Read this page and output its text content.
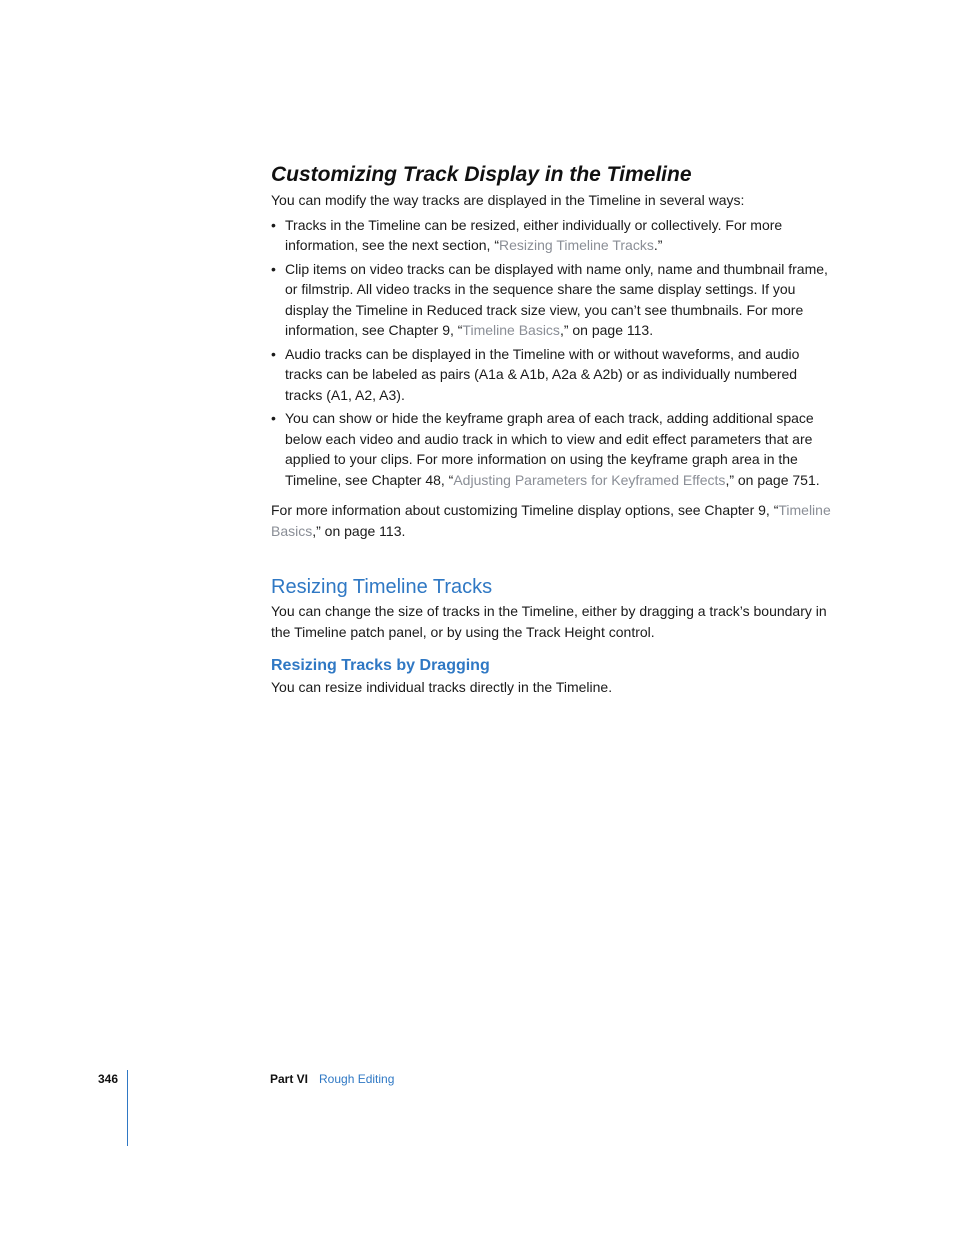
Customizing Track Display in the Timeline

You can modify the way tracks are displayed in the Timeline in several ways:

• Tracks in the Timeline can be resized, either individually or collectively. For more information, see the next section, “Resizing Timeline Tracks.”
• Clip items on video tracks can be displayed with name only, name and thumbnail frame, or filmstrip. All video tracks in the sequence share the same display settings. If you display the Timeline in Reduced track size view, you can’t see thumbnails. For more information, see Chapter 9, “Timeline Basics,” on page 113.
• Audio tracks can be displayed in the Timeline with or without waveforms, and audio tracks can be labeled as pairs (A1a & A1b, A2a & A2b) or as individually numbered tracks (A1, A2, A3).
• You can show or hide the keyframe graph area of each track, adding additional space below each video and audio track in which to view and edit effect parameters that are applied to your clips. For more information on using the keyframe graph area in the Timeline, see Chapter 48, “Adjusting Parameters for Keyframed Effects,” on page 751.

For more information about customizing Timeline display options, see Chapter 9, “Timeline Basics,” on page 113.

Resizing Timeline Tracks

You can change the size of tracks in the Timeline, either by dragging a track’s boundary in the Timeline patch panel, or by using the Track Height control.

Resizing Tracks by Dragging

You can resize individual tracks directly in the Timeline.

346	Part VI Rough Editing
